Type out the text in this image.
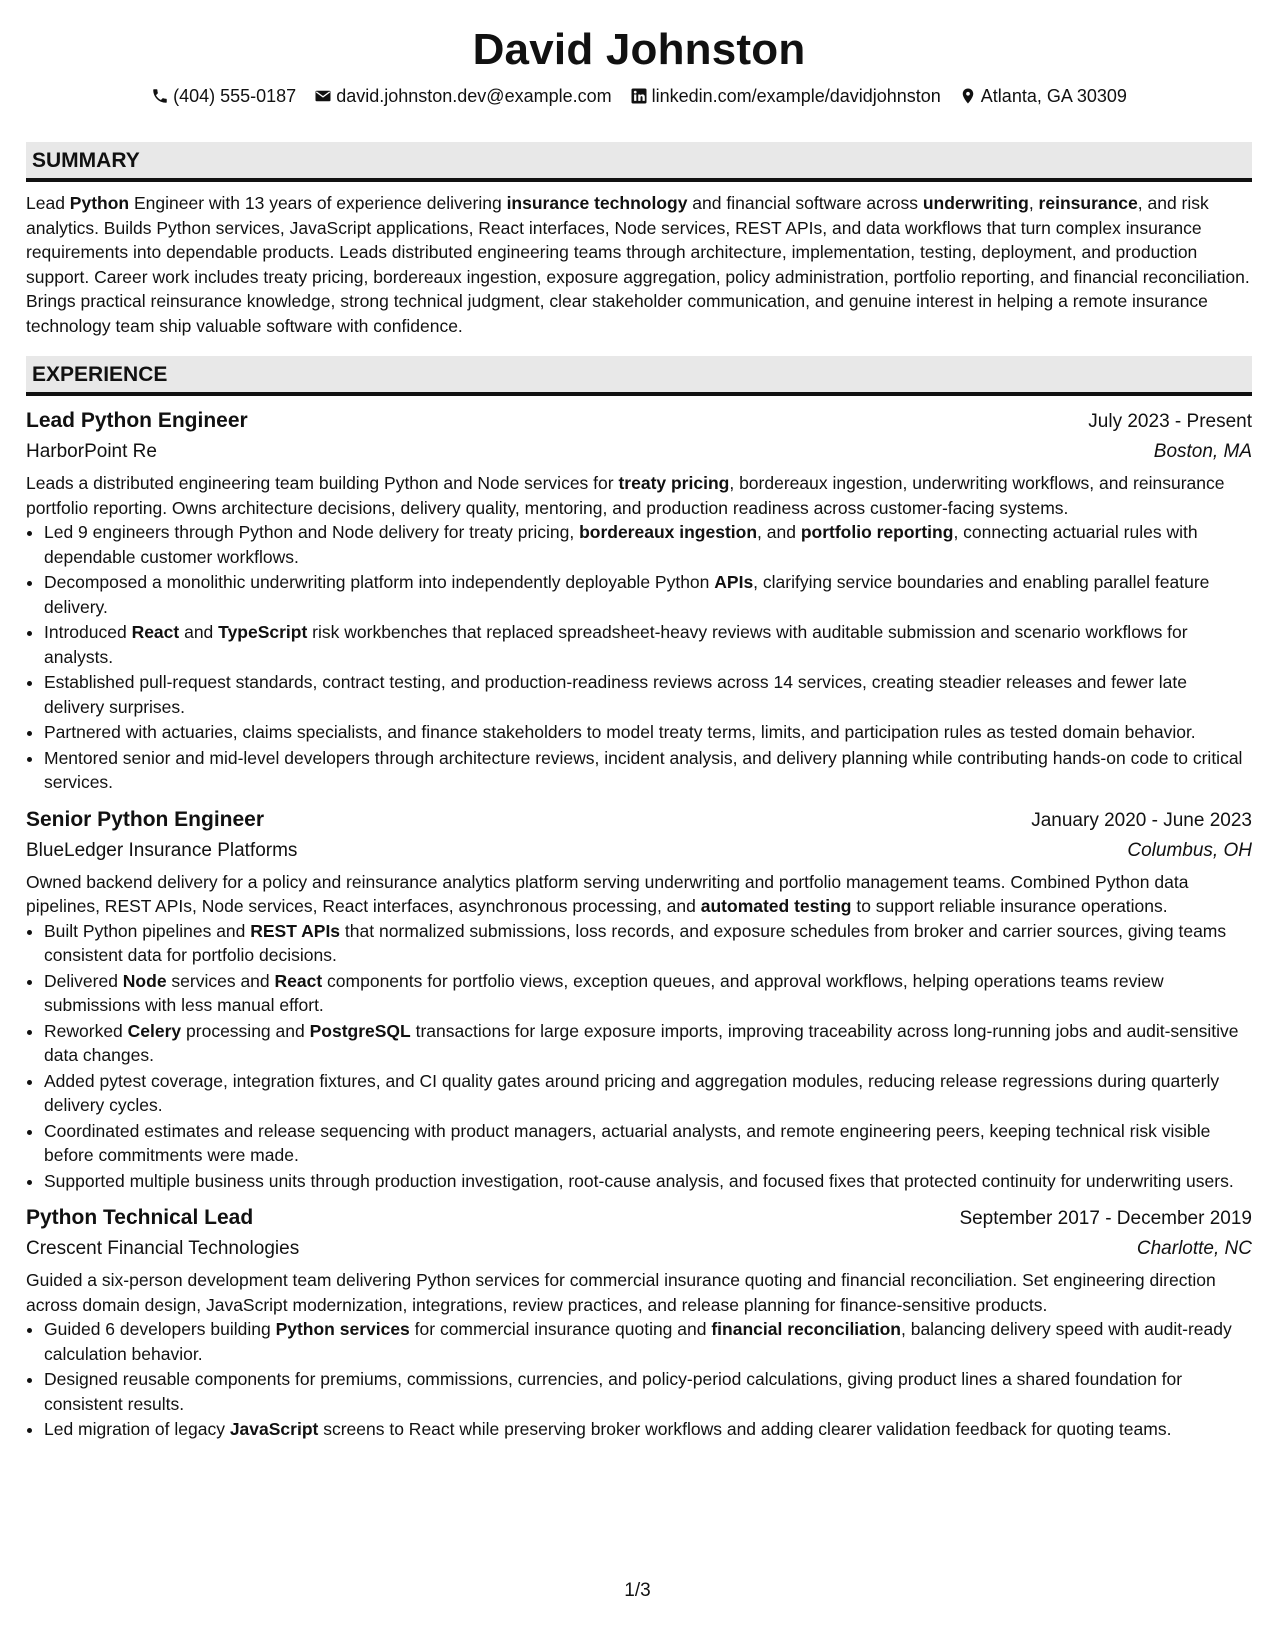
David Johnston
(404) 555-0187 david.johnston.dev@example.com linkedin.com/example/davidjohnston Atlanta, GA 30309
SUMMARY

Lead Python Engineer with 13 years of experience delivering insurance technology and financial software across underwriting, reinsurance, and risk analytics. Builds Python services, JavaScript applications, React interfaces, Node services, REST APIs, and data workflows that turn complex insurance requirements into dependable products. Leads distributed engineering teams through architecture, implementation, testing, deployment, and production support. Career work includes treaty pricing, bordereaux ingestion, exposure aggregation, policy administration, portfolio reporting, and financial reconciliation. Brings practical reinsurance knowledge, strong technical judgment, clear stakeholder communication, and genuine interest in helping a remote insurance technology team ship valuable software with confidence.

EXPERIENCE
Lead Python Engineer	July 2023 - Present
HarborPoint Re	Boston, MA

Leads a distributed engineering team building Python and Node services for treaty pricing, bordereaux ingestion, underwriting workflows, and reinsurance portfolio reporting. Owns architecture decisions, delivery quality, mentoring, and production readiness across customer-facing systems.

• Led 9 engineers through Python and Node delivery for treaty pricing, bordereaux ingestion, and portfolio reporting, connecting actuarial rules with dependable customer workflows.
• Decomposed a monolithic underwriting platform into independently deployable Python APIs, clarifying service boundaries and enabling parallel feature delivery.
• Introduced React and TypeScript risk workbenches that replaced spreadsheet-heavy reviews with auditable submission and scenario workflows for analysts.
• Established pull-request standards, contract testing, and production-readiness reviews across 14 services, creating steadier releases and fewer late delivery surprises.
• Partnered with actuaries, claims specialists, and finance stakeholders to model treaty terms, limits, and participation rules as tested domain behavior.
• Mentored senior and mid-level developers through architecture reviews, incident analysis, and delivery planning while contributing hands-on code to critical services.
Senior Python Engineer	January 2020 - June 2023
BlueLedger Insurance Platforms	Columbus, OH

Owned backend delivery for a policy and reinsurance analytics platform serving underwriting and portfolio management teams. Combined Python data pipelines, REST APIs, Node services, React interfaces, asynchronous processing, and automated testing to support reliable insurance operations.

• Built Python pipelines and REST APIs that normalized submissions, loss records, and exposure schedules from broker and carrier sources, giving teams consistent data for portfolio decisions.
• Delivered Node services and React components for portfolio views, exception queues, and approval workflows, helping operations teams review submissions with less manual effort.
• Reworked Celery processing and PostgreSQL transactions for large exposure imports, improving traceability across long-running jobs and audit-sensitive data changes.
• Added pytest coverage, integration fixtures, and CI quality gates around pricing and aggregation modules, reducing release regressions during quarterly delivery cycles.
• Coordinated estimates and release sequencing with product managers, actuarial analysts, and remote engineering peers, keeping technical risk visible before commitments were made.
• Supported multiple business units through production investigation, root-cause analysis, and focused fixes that protected continuity for underwriting users.
Python Technical Lead	September 2017 - December 2019
Crescent Financial Technologies	Charlotte, NC

Guided a six-person development team delivering Python services for commercial insurance quoting and financial reconciliation. Set engineering direction across domain design, JavaScript modernization, integrations, review practices, and release planning for finance-sensitive products.

• Guided 6 developers building Python services for commercial insurance quoting and financial reconciliation, balancing delivery speed with audit-ready calculation behavior.
• Designed reusable components for premiums, commissions, currencies, and policy-period calculations, giving product lines a shared foundation for consistent results.
• Led migration of legacy JavaScript screens to React while preserving broker workflows and adding clearer validation feedback for quoting teams.
1/3
